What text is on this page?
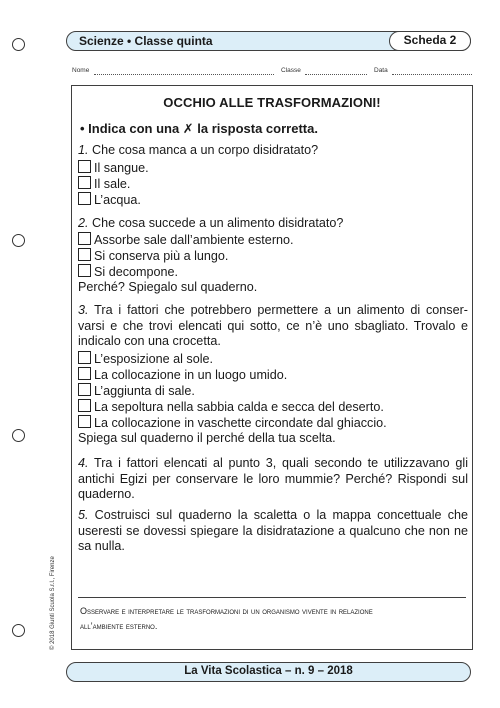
Scienze • Classe quinta	Scheda 2
Nome	Classe	Data
OCCHIO ALLE TRASFORMAZIONI!
• Indica con una ✗ la risposta corretta.
1. Che cosa manca a un corpo disidratato?
Il sangue.
Il sale.
L’acqua.
2. Che cosa succede a un alimento disidratato?
Assorbe sale dall’ambiente esterno.
Si conserva più a lungo.
Si decompone.
Perché? Spiegalo sul quaderno.

3. Tra i fattori che potrebbero permettere a un alimento di conser-

varsi e che trovi elencati qui sotto, ce n’è uno sbagliato. Trovalo e

indicalo con una crocetta.

L’esposizione al sole.
La collocazione in un luogo umido.
L’aggiunta di sale.
La sepoltura nella sabbia calda e secca del deserto.
La collocazione in vaschette circondate dal ghiaccio.
Spiega sul quaderno il perché della tua scelta.

4. Tra i fattori elencati al punto 3, quali secondo te utilizzavano gli

antichi Egizi per conservare le loro mummie? Perché? Rispondi sul

quaderno.

5. Costruisci sul quaderno la scaletta o la mappa concettuale che

useresti se dovessi spiegare la disidratazione a qualcuno che non ne

sa nulla.

Osservare e interpretare le trasformazioni di un organismo vivente in relazione
all’ambiente esterno.
© 2018 Giunti Scuola S.r.l., Firenze
La Vita Scolastica – n. 9 – 2018
